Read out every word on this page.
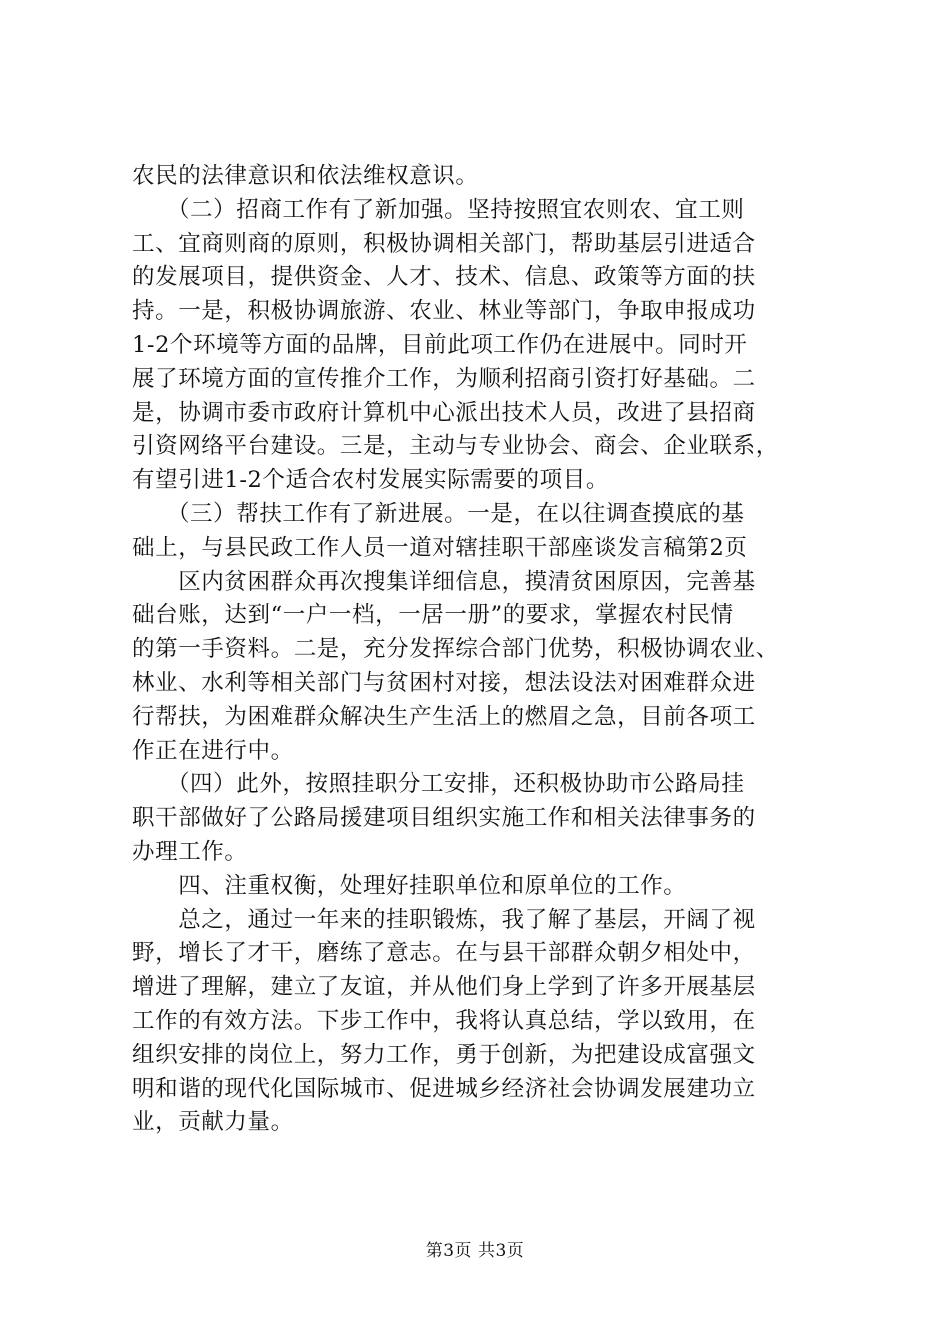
农民的法律意识和依法维权意识。
　　（二）招商工作有了新加强。坚持按照宜农则农、宜工则
工、宜商则商的原则，积极协调相关部门，帮助基层引进适合
的发展项目，提供资金、人才、技术、信息、政策等方面的扶
持。一是，积极协调旅游、农业、林业等部门，争取申报成功
1-2个环境等方面的品牌，目前此项工作仍在进展中。同时开
展了环境方面的宣传推介工作，为顺利招商引资打好基础。二
是，协调市委市政府计算机中心派出技术人员，改进了县招商
引资网络平台建设。三是，主动与专业协会、商会、企业联系，
有望引进1-2个适合农村发展实际需要的项目。
　　（三）帮扶工作有了新进展。一是，在以往调查摸底的基
础上，与县民政工作人员一道对辖挂职干部座谈发言稿第2页
　　区内贫困群众再次搜集详细信息，摸清贫困原因，完善基
础台账，达到“一户一档，一居一册”的要求，掌握农村民情
的第一手资料。二是，充分发挥综合部门优势，积极协调农业、
林业、水利等相关部门与贫困村对接，想法设法对困难群众进
行帮扶，为困难群众解决生产生活上的燃眉之急，目前各项工
作正在进行中。
　　（四）此外，按照挂职分工安排，还积极协助市公路局挂
职干部做好了公路局援建项目组织实施工作和相关法律事务的
办理工作。
　　四、注重权衡，处理好挂职单位和原单位的工作。
　　总之，通过一年来的挂职锻炼，我了解了基层，开阔了视
野，增长了才干，磨练了意志。在与县干部群众朝夕相处中，
增进了理解，建立了友谊，并从他们身上学到了许多开展基层
工作的有效方法。下步工作中，我将认真总结，学以致用，在
组织安排的岗位上，努力工作，勇于创新，为把建设成富强文
明和谐的现代化国际城市、促进城乡经济社会协调发展建功立
业，贡献力量。
第3页 共3页
